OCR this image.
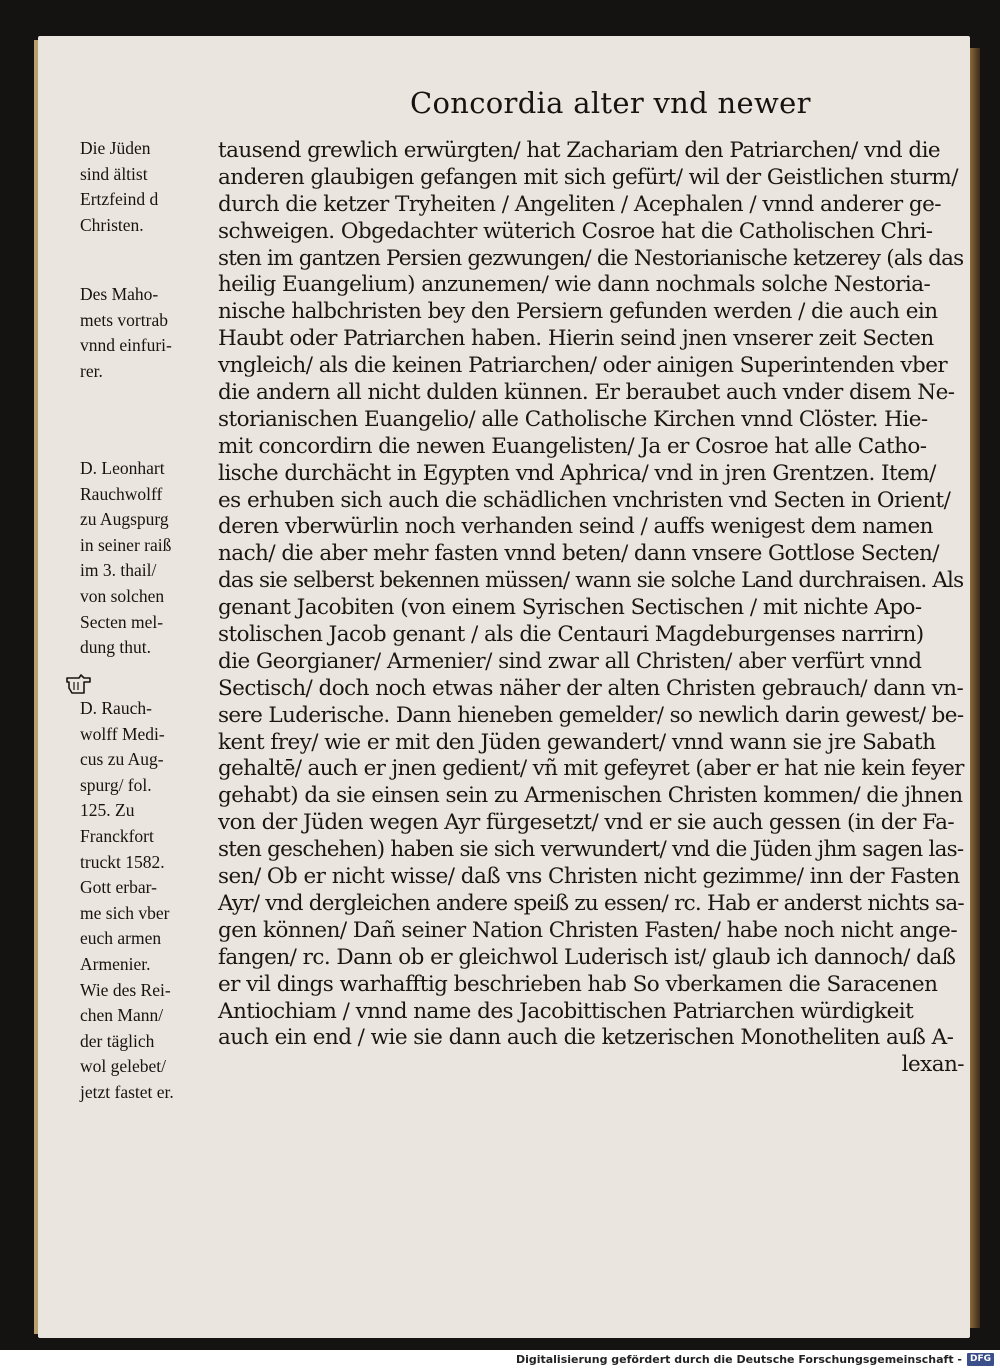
Concordia alter vnd newer
Die Jüden
sind ältist
Ertzfeind d
Christen.
Des Maho-
mets vortrab
vnnd einfuri-
rer.
D. Leonhart
Rauchwolff
zu Augspurg
in seiner raiß
im 3. thail/
von solchen
Secten mel-
dung thut.
D. Rauch-
wolff Medi-
cus zu Aug-
spurg/ fol.
125. Zu
Franckfort
truckt 1582.
Gott erbar-
me sich vber
euch armen
Armenier.
Wie des Rei-
chen Mann/
der täglich
wol gelebet/
jetzt fastet er.
tausend grewlich erwürgten/ hat Zachariam den Patriarchen/ vnd die
anderen glaubigen gefangen mit sich gefürt/ wil der Geistlichen sturm/
durch die ketzer Tryheiten / Angeliten / Acephalen / vnnd anderer ge-
schweigen. Obgedachter wüterich Cosroe hat die Catholischen Chri-
sten im gantzen Persien gezwungen/ die Nestorianische ketzerey (als das
heilig Euangelium) anzunemen/ wie dann nochmals solche Nestoria-
nische halbchristen bey den Persiern gefunden werden / die auch ein
Haubt oder Patriarchen haben. Hierin seind jnen vnserer zeit Secten
vngleich/ als die keinen Patriarchen/ oder ainigen Superintenden vber
die andern all nicht dulden künnen. Er beraubet auch vnder disem Ne-
storianischen Euangelio/ alle Catholische Kirchen vnnd Clöster. Hie-
mit concordirn die newen Euangelisten/ Ja er Cosroe hat alle Catho-
lische durchächt in Egypten vnd Aphrica/ vnd in jren Grentzen. Item/
es erhuben sich auch die schädlichen vnchristen vnd Secten in Orient/
deren vberwürlin noch verhanden seind / auffs wenigest dem namen
nach/ die aber mehr fasten vnnd beten/ dann vnsere Gottlose Secten/
das sie selberst bekennen müssen/ wann sie solche Land durchraisen. Als
genant Jacobiten (von einem Syrischen Sectischen / mit nichte Apo-
stolischen Jacob genant / als die Centauri Magdeburgenses narrirn)
die Georgianer/ Armenier/ sind zwar all Christen/ aber verfürt vnnd
Sectisch/ doch noch etwas näher der alten Christen gebrauch/ dann vn-
sere Luderische. Dann hieneben gemelder/ so newlich darin gewest/ be-
kent frey/ wie er mit den Jüden gewandert/ vnnd wann sie jre Sabath
gehaltē/ auch er jnen gedient/ vñ mit gefeyret (aber er hat nie kein feyer
gehabt) da sie einsen sein zu Armenischen Christen kommen/ die jhnen
von der Jüden wegen Ayr fürgesetzt/ vnd er sie auch gessen (in der Fa-
sten geschehen) haben sie sich verwundert/ vnd die Jüden jhm sagen las-
sen/ Ob er nicht wisse/ daß vns Christen nicht gezimme/ inn der Fasten
Ayr/ vnd dergleichen andere speiß zu essen/ rc. Hab er anderst nichts sa-
gen können/ Dañ seiner Nation Christen Fasten/ habe noch nicht ange-
fangen/ rc. Dann ob er gleichwol Luderisch ist/ glaub ich dannoch/ daß
er vil dings warhafftig beschrieben hab So vberkamen die Saracenen
Antiochiam / vnnd name des Jacobittischen Patriarchen würdigkeit
auch ein end / wie sie dann auch die ketzerischen Monotheliten auß A-
lexan-
Digitalisierung gefördert durch die Deutsche Forschungsgemeinschaft - DFG
